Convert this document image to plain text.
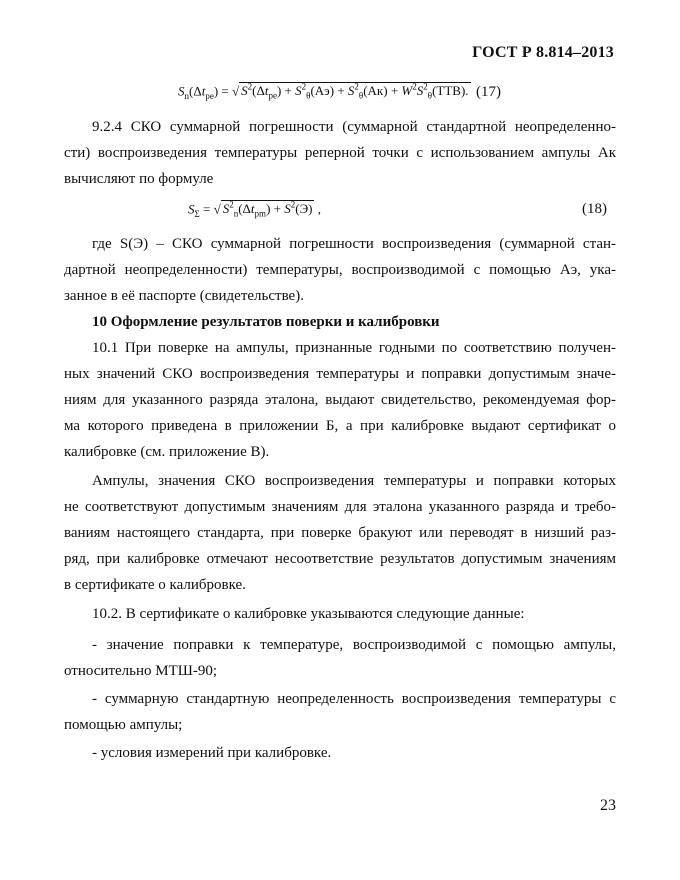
ГОСТ Р 8.814–2013
$S_n(\Delta t_{pe})$ = √ $S^2(\Delta t_{pe}) + S^2_\theta(Аэ) + S^2_\theta(Ак) + W^2S^2_\theta(ТТВ)$. (17)
9.2.4 СКО суммарной погрешности (суммарной стандартной неопределенно-
сти) воспроизведения температуры реперной точки с использованием ампулы Ак
вычисляют по формуле
$S_\Sigma$ = √ $S^2_n(\Delta t_{pm}) + S^2(Э)$ ,	(18)
где S(Э) – СКО суммарной погрешности воспроизведения (суммарной стан-
дартной неопределенности) температуры, воспроизводимой с помощью Аэ, ука-
занное в её паспорте (свидетельстве).
10 Оформление результатов поверки и калибровки
10.1 При поверке на ампулы, признанные годными по соответствию получен-
ных значений СКО воспроизведения температуры и поправки допустимым значе-
ниям для указанного разряда эталона, выдают свидетельство, рекомендуемая фор-
ма которого приведена в приложении Б, а при калибровке выдают сертификат о
калибровке (см. приложение В).
Ампулы, значения СКО воспроизведения температуры и поправки которых
не соответствуют допустимым значениям для эталона указанного разряда и требо-
ваниям настоящего стандарта, при поверке бракуют или переводят в низший раз-
ряд, при калибровке отмечают несоответствие результатов допустимым значениям
в сертификате о калибровке.
10.2. В сертификате о калибровке указываются следующие данные:
- значение поправки к температуре, воспроизводимой с помощью ампулы,
относительно МТШ-90;
- суммарную стандартную неопределенность воспроизведения температуры с
помощью ампулы;
- условия измерений при калибровке.
23
